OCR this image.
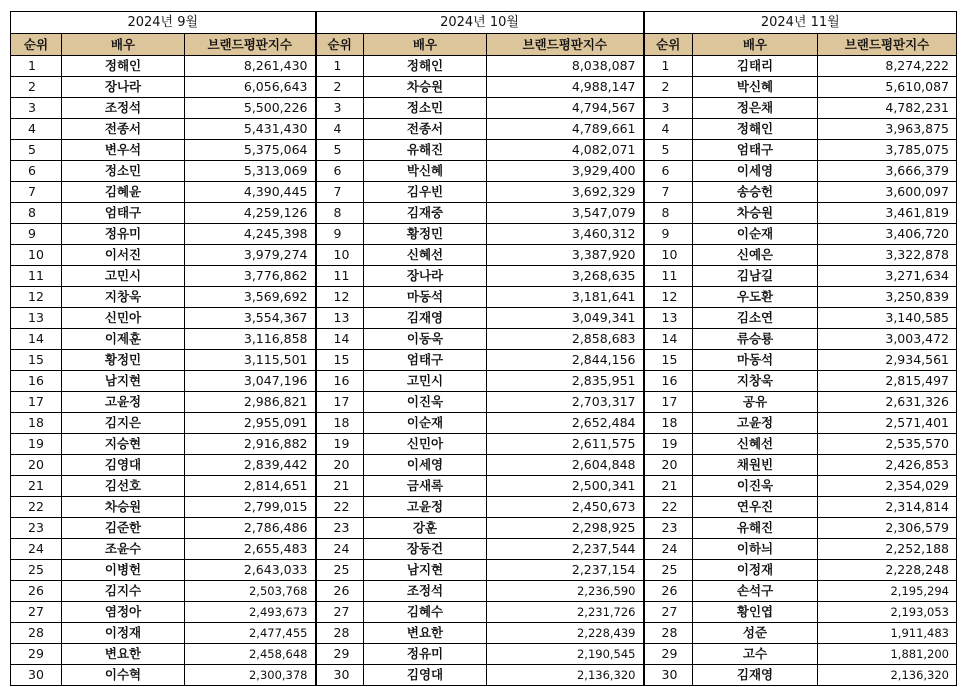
2024년 9월			2024년 10월			2024년 11월		
순위	배우	브랜드평판지수	순위	배우	브랜드평판지수	순위	배우	브랜드평판지수
1	정해인	8,261,430	1	정해인	8,038,087	1	김태리	8,274,222
2	장나라	6,056,643	2	차승원	4,988,147	2	박신혜	5,610,087
3	조정석	5,500,226	3	정소민	4,794,567	3	정은채	4,782,231
4	전종서	5,431,430	4	전종서	4,789,661	4	정해인	3,963,875
5	변우석	5,375,064	5	유해진	4,082,071	5	엄태구	3,785,075
6	정소민	5,313,069	6	박신혜	3,929,400	6	이세영	3,666,379
7	김혜윤	4,390,445	7	김우빈	3,692,329	7	송승헌	3,600,097
8	엄태구	4,259,126	8	김재중	3,547,079	8	차승원	3,461,819
9	정유미	4,245,398	9	황정민	3,460,312	9	이순재	3,406,720
10	이서진	3,979,274	10	신혜선	3,387,920	10	신예은	3,322,878
11	고민시	3,776,862	11	장나라	3,268,635	11	김남길	3,271,634
12	지창욱	3,569,692	12	마동석	3,181,641	12	우도환	3,250,839
13	신민아	3,554,367	13	김재영	3,049,341	13	김소연	3,140,585
14	이제훈	3,116,858	14	이동욱	2,858,683	14	류승룡	3,003,472
15	황정민	3,115,501	15	엄태구	2,844,156	15	마동석	2,934,561
16	남지현	3,047,196	16	고민시	2,835,951	16	지창욱	2,815,497
17	고윤정	2,986,821	17	이진욱	2,703,317	17	공유	2,631,326
18	김지은	2,955,091	18	이순재	2,652,484	18	고윤정	2,571,401
19	지승현	2,916,882	19	신민아	2,611,575	19	신혜선	2,535,570
20	김영대	2,839,442	20	이세영	2,604,848	20	채원빈	2,426,853
21	김선호	2,814,651	21	금새록	2,500,341	21	이진욱	2,354,029
22	차승원	2,799,015	22	고윤정	2,450,673	22	연우진	2,314,814
23	김준한	2,786,486	23	강훈	2,298,925	23	유해진	2,306,579
24	조윤수	2,655,483	24	장동건	2,237,544	24	이하늬	2,252,188
25	이병헌	2,643,033	25	남지현	2,237,154	25	이정재	2,228,248
26	김지수	2,503,768	26	조정석	2,236,590	26	손석구	2,195,294
27	염정아	2,493,673	27	김혜수	2,231,726	27	황인엽	2,193,053
28	이정재	2,477,455	28	변요한	2,228,439	28	성준	1,911,483
29	변요한	2,458,648	29	정유미	2,190,545	29	고수	1,881,200
30	이수혁	2,300,378	30	김영대	2,136,320	30	김재영	2,136,320
